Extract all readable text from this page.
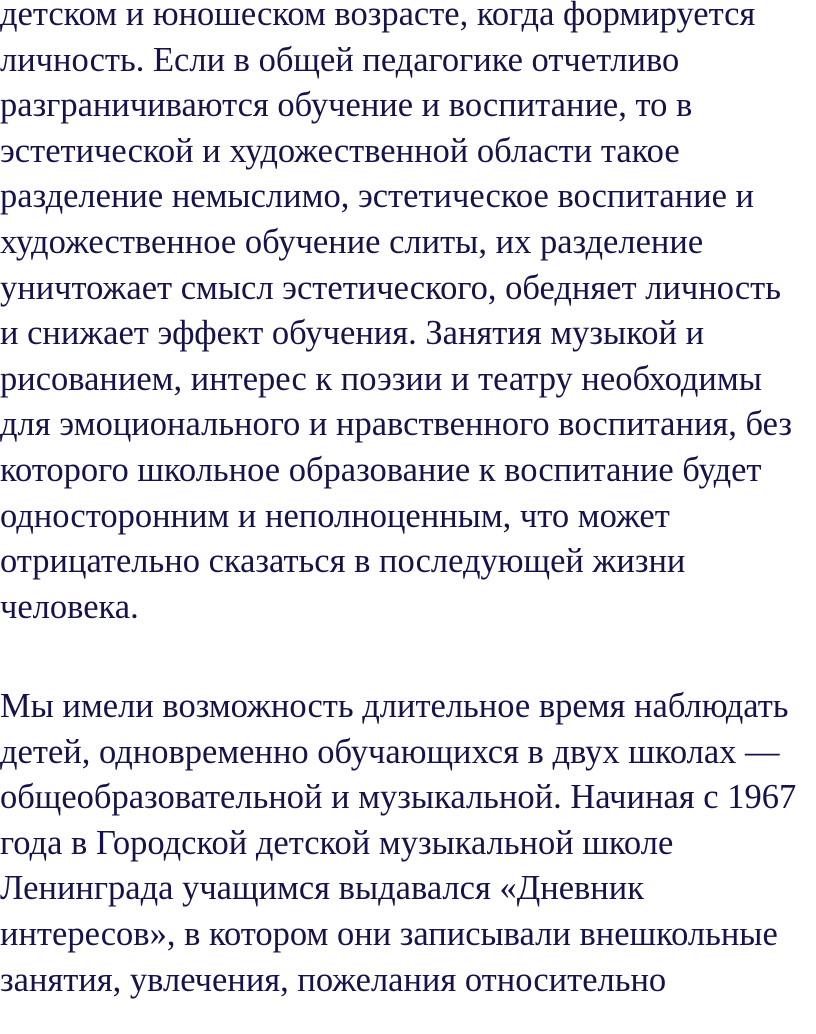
детском и юношеском возрасте, когда формируется
личность. Если в общей педагогике отчетливо
разграничиваются обучение и воспитание, то в
эстетической и художественной области такое
разделение немыслимо, эстетическое воспитание и
художественное обучение слиты, их разделение
уничтожает смысл эстетического, обедняет личность
и снижает эффект обучения. Занятия музыкой и
рисованием, интерес к поэзии и театру необходимы
для эмоционального и нравственного воспитания, без
которого школьное образование к воспитание будет
односторонним и неполноценным, что может
отрицательно сказаться в последующей жизни
человека.
Мы имели возможность длительное время наблюдать
детей, одновременно обучающихся в двух школах —
общеобразовательной и музыкальной. Начиная с 1967
года в Городской детской музыкальной школе
Ленинграда учащимся выдавался «Дневник
интересов», в котором они записывали внешкольные
занятия, увлечения, пожелания относительно
